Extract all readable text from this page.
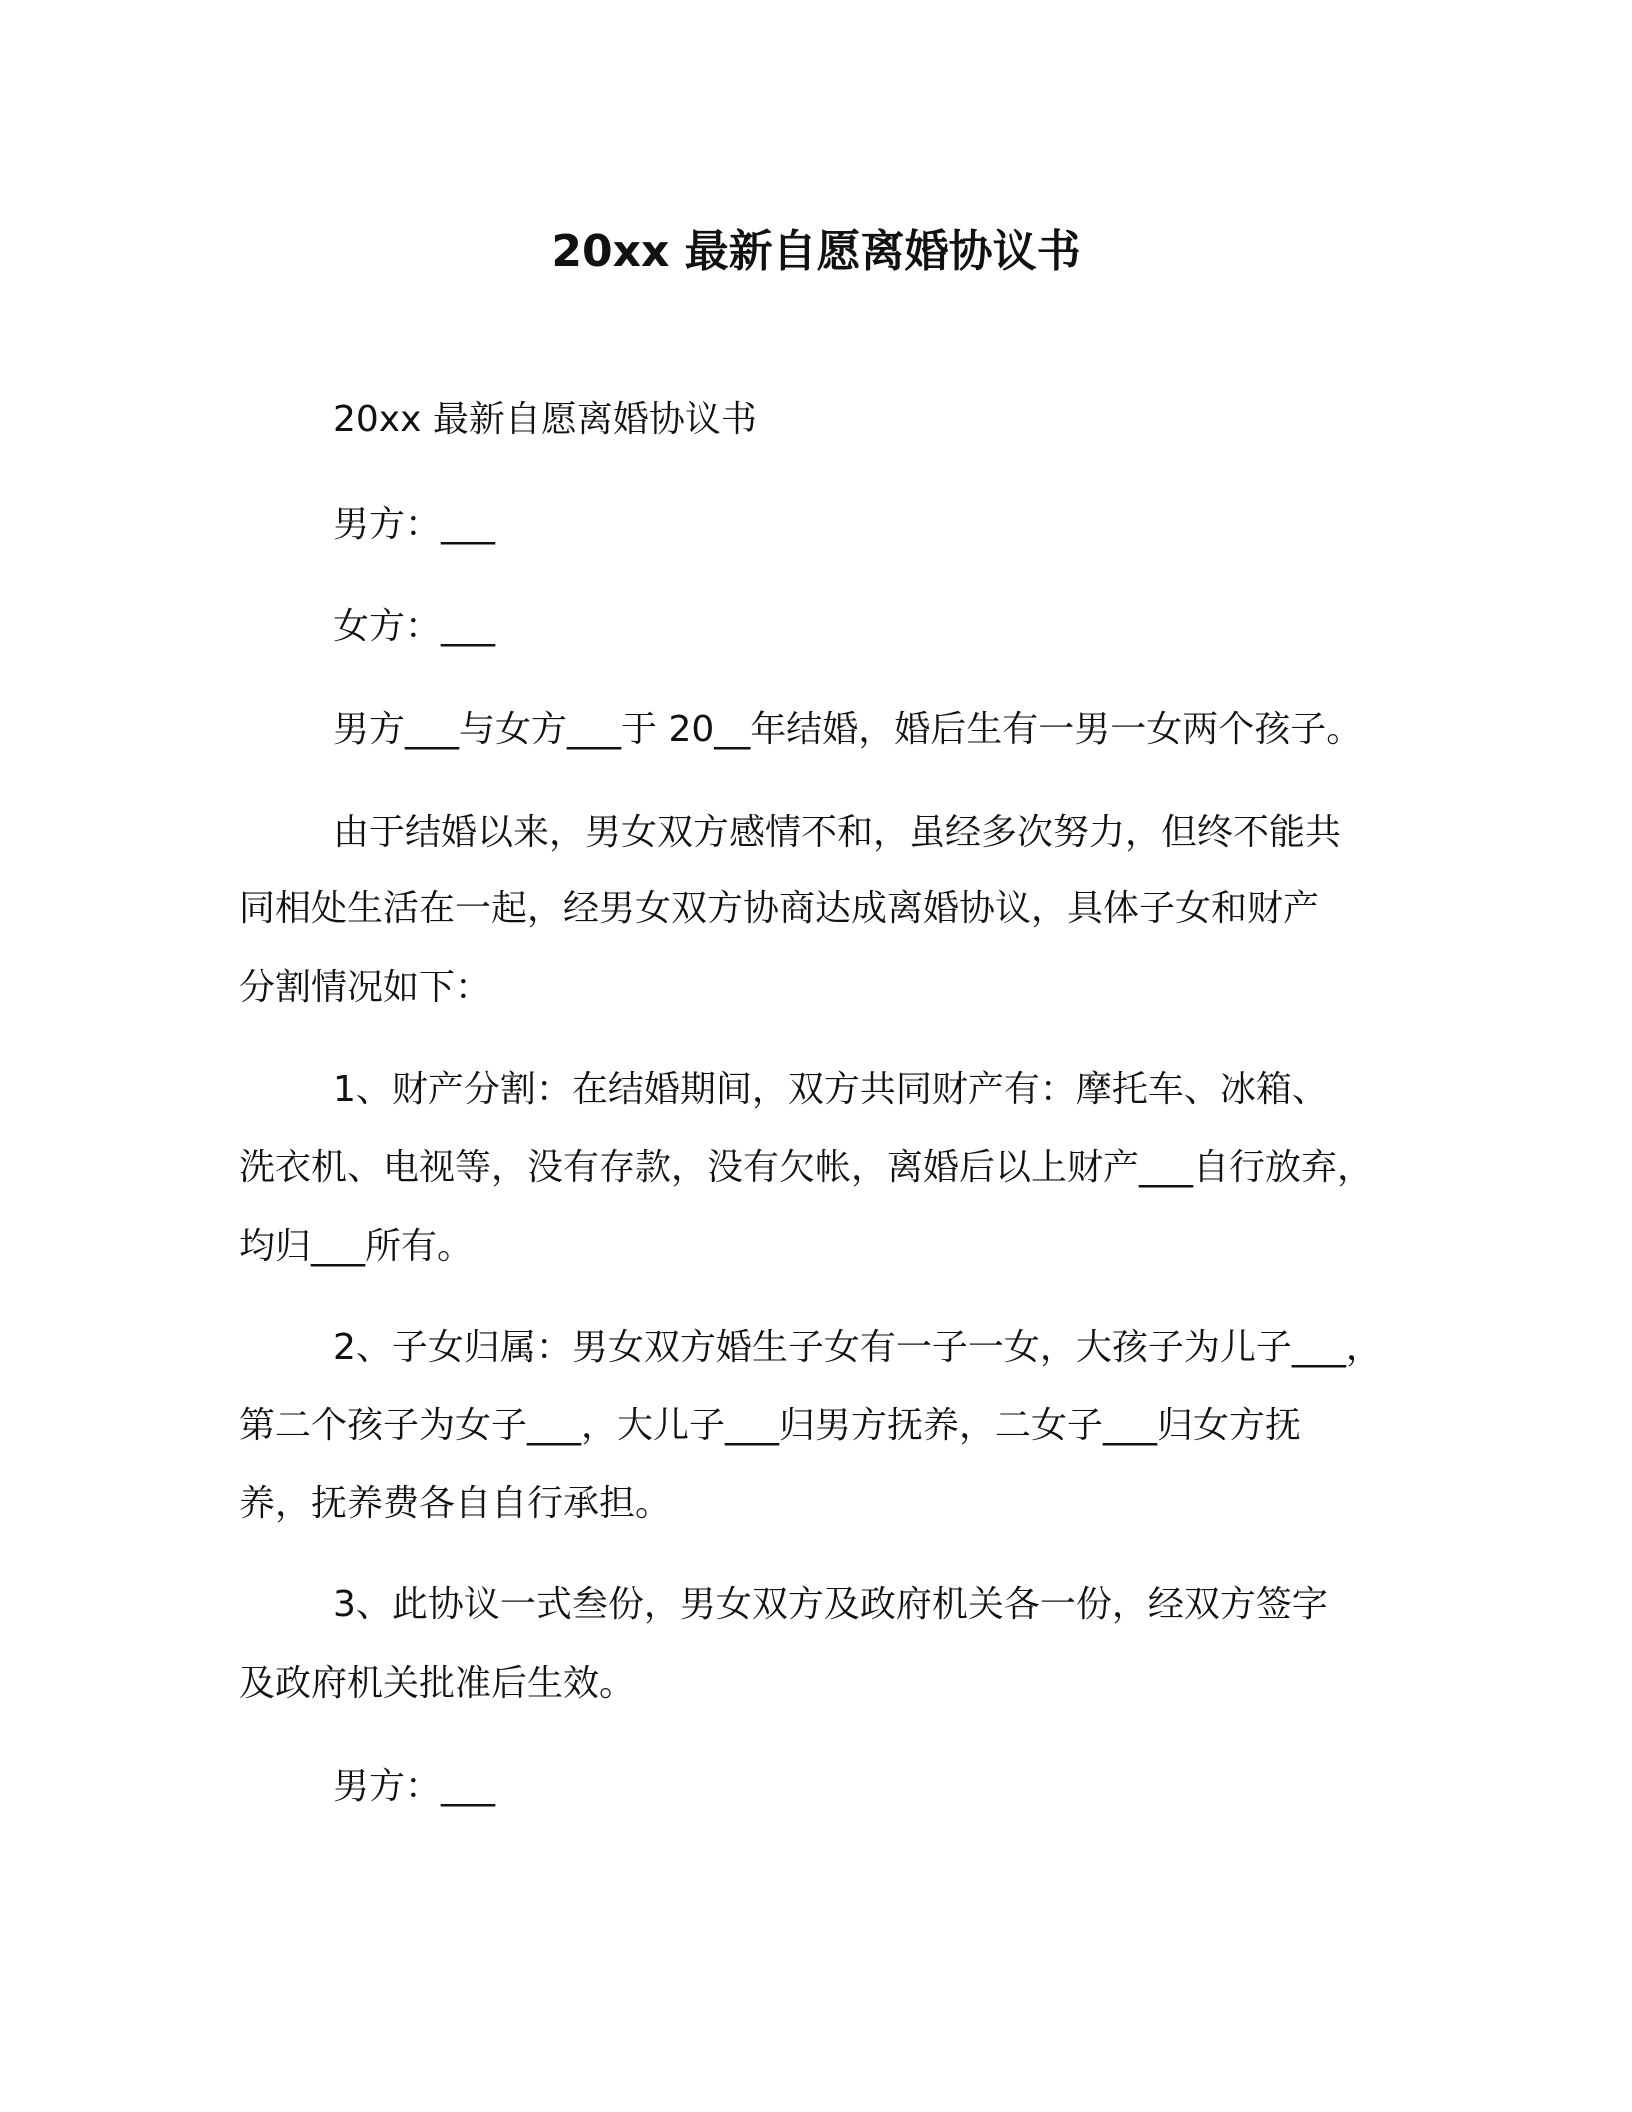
20xx 最新自愿离婚协议书
20xx 最新自愿离婚协议书
男方：___
女方：___
男方___与女方___于 20__年结婚，婚后生有一男一女两个孩子。
由于结婚以来，男女双方感情不和，虽经多次努力，但终不能共
同相处生活在一起，经男女双方协商达成离婚协议，具体子女和财产
分割情况如下：
1、财产分割：在结婚期间，双方共同财产有：摩托车、冰箱、
洗衣机、电视等，没有存款，没有欠帐，离婚后以上财产___自行放弃，
均归___所有。
2、子女归属：男女双方婚生子女有一子一女，大孩子为儿子___，
第二个孩子为女子___，大儿子___归男方抚养，二女子___归女方抚
养，抚养费各自自行承担。
3、此协议一式叁份，男女双方及政府机关各一份，经双方签字
及政府机关批准后生效。
男方：___
